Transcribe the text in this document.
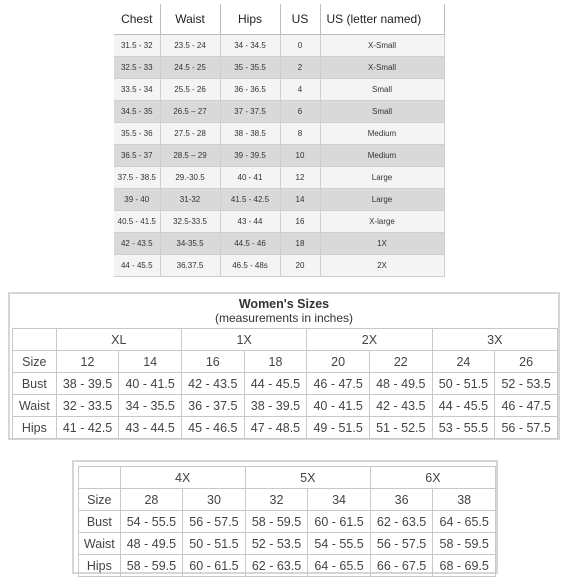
Chest	Waist	Hips	US	US (letter named)
31.5 - 32	23.5 - 24	34 - 34.5	0	X-Small
32.5 - 33	24.5 - 25	35 - 35.5	2	X-Small
33.5 - 34	25.5 - 26	36 - 36.5	4	Small
34.5 - 35	26.5 – 27	37 - 37.5	6	Small
35.5 - 36	27.5 - 28	38 - 38.5	8	Medium
36.5 - 37	28.5 – 29	39 - 39.5	10	Medium
37.5 - 38.5	29.-30.5	40 - 41	12	Large
39 - 40	31-32	41.5 - 42.5	14	Large
40.5 - 41.5	32.5-33.5	43 - 44	16	X-large
42 - 43.5	34-35.5	44.5 - 46	18	1X
44 - 45.5	36.37.5	46.5 - 48s	20	2X
Women's Sizes
(measurements in inches)
	XL		1X		2X		3X	
Size	12	14	16	18	20	22	24	26
Bust	38 - 39.5	40 - 41.5	42 - 43.5	44 - 45.5	46 - 47.5	48 - 49.5	50 - 51.5	52 - 53.5
Waist	32 - 33.5	34 - 35.5	36 - 37.5	38 - 39.5	40 - 41.5	42 - 43.5	44 - 45.5	46 - 47.5
Hips	41 - 42.5	43 - 44.5	45 - 46.5	47 - 48.5	49 - 51.5	51 - 52.5	53 - 55.5	56 - 57.5
	4X		5X		6X	
Size	28	30	32	34	36	38
Bust	54 - 55.5	56 - 57.5	58 - 59.5	60 - 61.5	62 - 63.5	64 - 65.5
Waist	48 - 49.5	50 - 51.5	52 - 53.5	54 - 55.5	56 - 57.5	58 - 59.5
Hips	58 - 59.5	60 - 61.5	62 - 63.5	64 - 65.5	66 - 67.5	68 - 69.5
